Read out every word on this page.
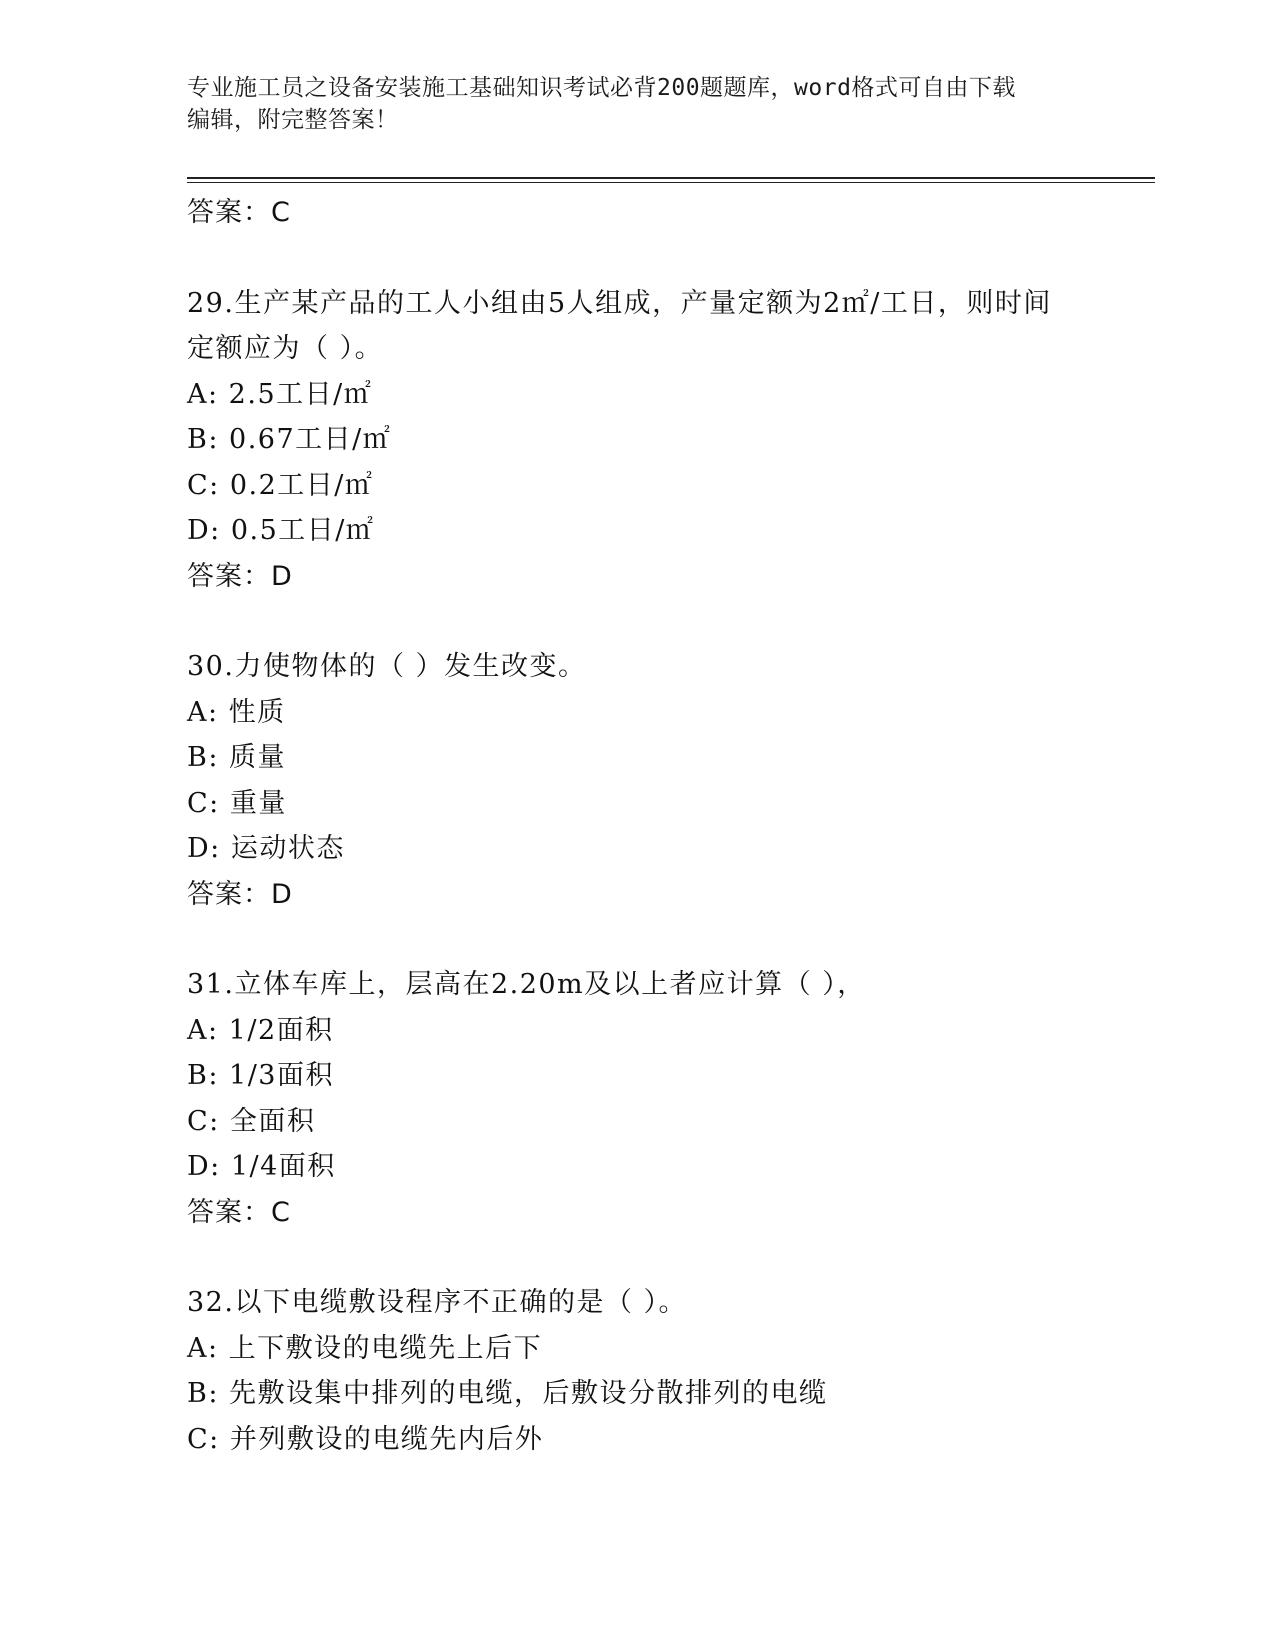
专业施工员之设备安装施工基础知识考试必背200题题库，word格式可自由下载
编辑，附完整答案！
答案：C
29.生产某产品的工人小组由5人组成，产量定额为2㎡/工日，则时间
定额应为（ ）。
A: 2.5工日/㎡
B: 0.67工日/㎡
C: 0.2工日/㎡
D: 0.5工日/㎡
答案：D
30.力使物体的（ ）发生改变。
A: 性质
B: 质量
C: 重量
D: 运动状态
答案：D
31.立体车库上，层高在2.20m及以上者应计算（ ），
A: 1/2面积
B: 1/3面积
C: 全面积
D: 1/4面积
答案：C
32.以下电缆敷设程序不正确的是（ ）。
A: 上下敷设的电缆先上后下
B: 先敷设集中排列的电缆，后敷设分散排列的电缆
C: 并列敷设的电缆先内后外
